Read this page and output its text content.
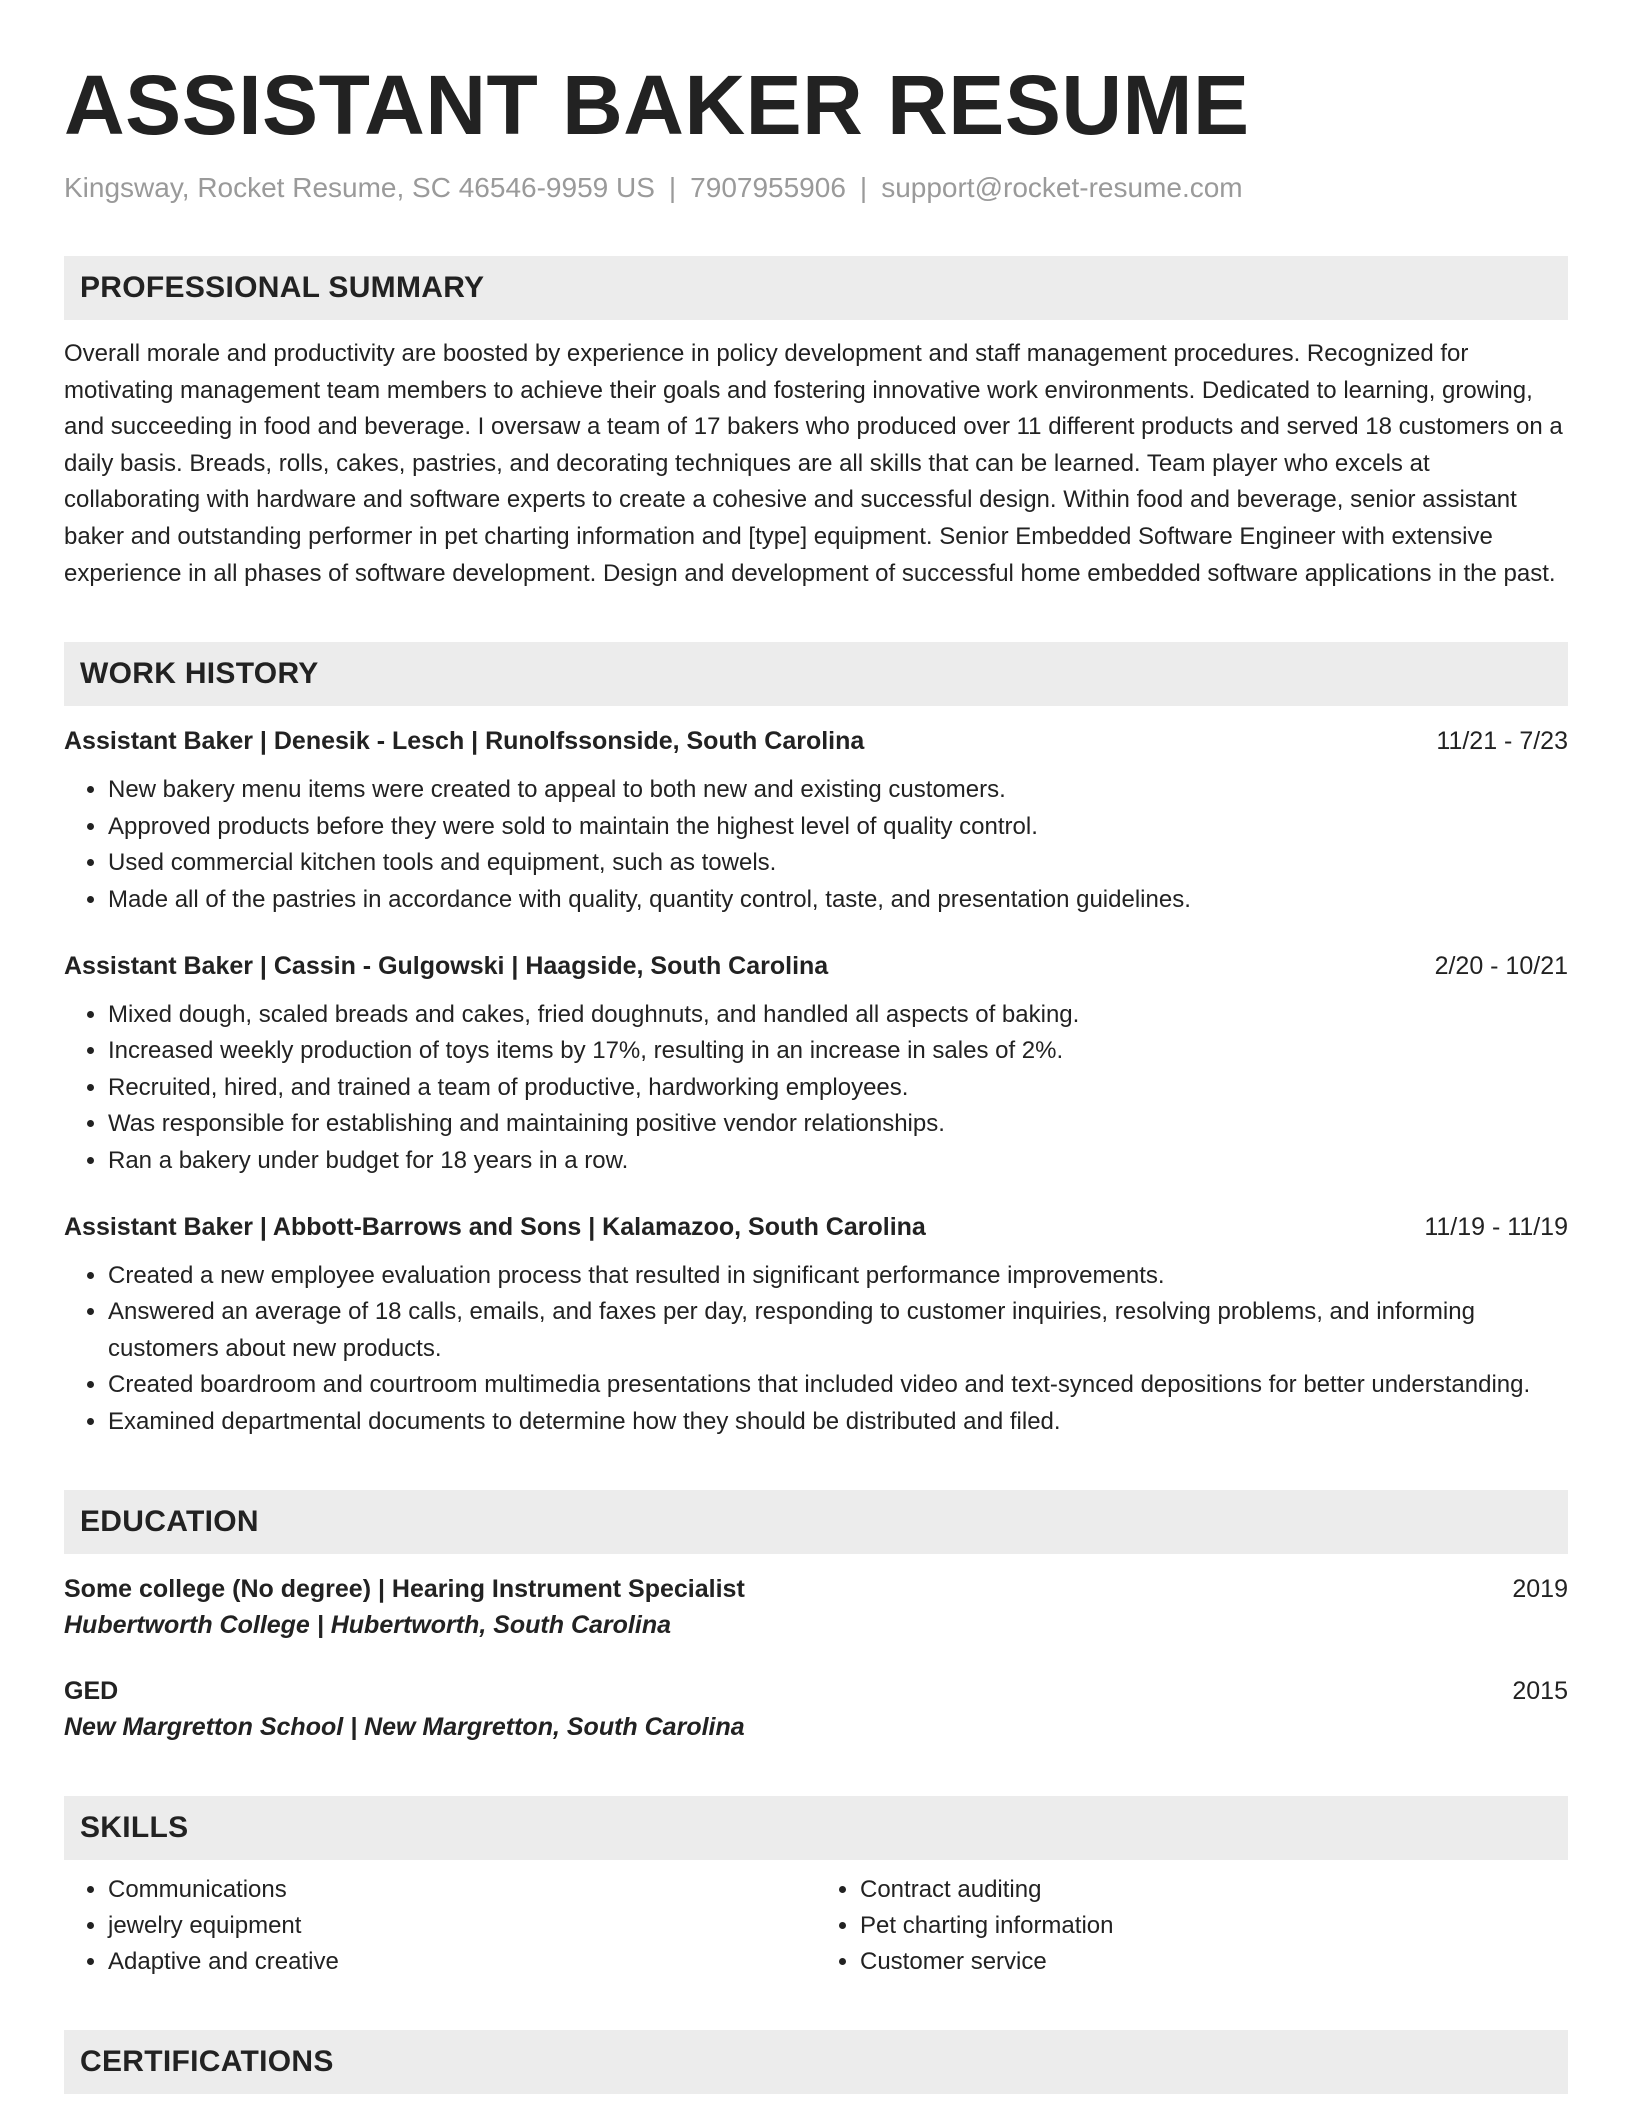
ASSISTANT BAKER RESUME
Kingsway, Rocket Resume, SC 46546-9959 US | 7907955906 | support@rocket-resume.com
PROFESSIONAL SUMMARY
Overall morale and productivity are boosted by experience in policy development and staff management procedures. Recognized for motivating management team members to achieve their goals and fostering innovative work environments. Dedicated to learning, growing, and succeeding in food and beverage. I oversaw a team of 17 bakers who produced over 11 different products and served 18 customers on a daily basis. Breads, rolls, cakes, pastries, and decorating techniques are all skills that can be learned. Team player who excels at collaborating with hardware and software experts to create a cohesive and successful design. Within food and beverage, senior assistant baker and outstanding performer in pet charting information and [type] equipment. Senior Embedded Software Engineer with extensive experience in all phases of software development. Design and development of successful home embedded software applications in the past.
WORK HISTORY
Assistant Baker | Denesik - Lesch | Runolfssonside, South Carolina	11/21 - 7/23
• New bakery menu items were created to appeal to both new and existing customers.
• Approved products before they were sold to maintain the highest level of quality control.
• Used commercial kitchen tools and equipment, such as towels.
• Made all of the pastries in accordance with quality, quantity control, taste, and presentation guidelines.
Assistant Baker | Cassin - Gulgowski | Haagside, South Carolina	2/20 - 10/21
• Mixed dough, scaled breads and cakes, fried doughnuts, and handled all aspects of baking.
• Increased weekly production of toys items by 17%, resulting in an increase in sales of 2%.
• Recruited, hired, and trained a team of productive, hardworking employees.
• Was responsible for establishing and maintaining positive vendor relationships.
• Ran a bakery under budget for 18 years in a row.
Assistant Baker | Abbott-Barrows and Sons | Kalamazoo, South Carolina	11/19 - 11/19
• Created a new employee evaluation process that resulted in significant performance improvements.
• Answered an average of 18 calls, emails, and faxes per day, responding to customer inquiries, resolving problems, and informing customers about new products.
• Created boardroom and courtroom multimedia presentations that included video and text-synced depositions for better understanding.
• Examined departmental documents to determine how they should be distributed and filed.
EDUCATION
Some college (No degree) | Hearing Instrument Specialist	2019
Hubertworth College | Hubertworth, South Carolina
GED	2015
New Margretton School | New Margretton, South Carolina
SKILLS
• Communications
• jewelry equipment
• Adaptive and creative
• Contract auditing
• Pet charting information
• Customer service
CERTIFICATIONS
